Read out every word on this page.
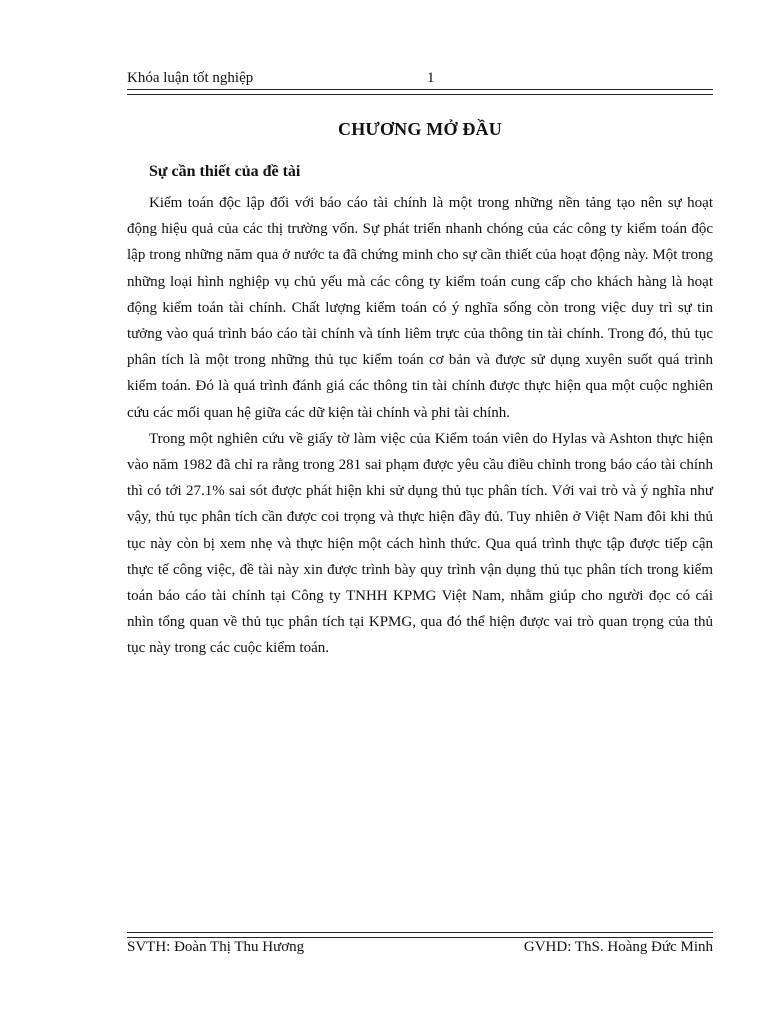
Khóa luận tốt nghiệp	1
CHƯƠNG MỞ ĐẦU
Sự cần thiết của đề tài

Kiểm toán độc lập đối với báo cáo tài chính là một trong những nền tảng tạo nên sự hoạt động hiệu quả của các thị trường vốn. Sự phát triển nhanh chóng của các công ty kiểm toán độc lập trong những năm qua ở nước ta đã chứng minh cho sự cần thiết của hoạt động này. Một trong những loại hình nghiệp vụ chủ yếu mà các công ty kiểm toán cung cấp cho khách hàng là hoạt động kiểm toán tài chính. Chất lượng kiểm toán có ý nghĩa sống còn trong việc duy trì sự tin tưởng vào quá trình báo cáo tài chính và tính liêm trực của thông tin tài chính. Trong đó, thủ tục phân tích là một trong những thủ tục kiểm toán cơ bản và được sử dụng xuyên suốt quá trình kiểm toán. Đó là quá trình đánh giá các thông tin tài chính được thực hiện qua một cuộc nghiên cứu các mối quan hệ giữa các dữ kiện tài chính và phi tài chính.

Trong một nghiên cứu về giấy tờ làm việc của Kiểm toán viên do Hylas và Ashton thực hiện vào năm 1982 đã chỉ ra rằng trong 281 sai phạm được yêu cầu điều chỉnh trong báo cáo tài chính thì có tới 27.1% sai sót được phát hiện khi sử dụng thủ tục phân tích. Với vai trò và ý nghĩa như vậy, thủ tục phân tích cần được coi trọng và thực hiện đầy đủ. Tuy nhiên ở Việt Nam đôi khi thủ tục này còn bị xem nhẹ và thực hiện một cách hình thức. Qua quá trình thực tập được tiếp cận thực tế công việc, đề tài này xin được trình bày quy trình vận dụng thủ tục phân tích trong kiểm toán báo cáo tài chính tại Công ty TNHH KPMG Việt Nam, nhằm giúp cho người đọc có cái nhìn tổng quan về thủ tục phân tích tại KPMG, qua đó thể hiện được vai trò quan trọng của thủ tục này trong các cuộc kiểm toán.

SVTH: Đoàn Thị Thu Hương	GVHD: ThS. Hoàng Đức Minh
